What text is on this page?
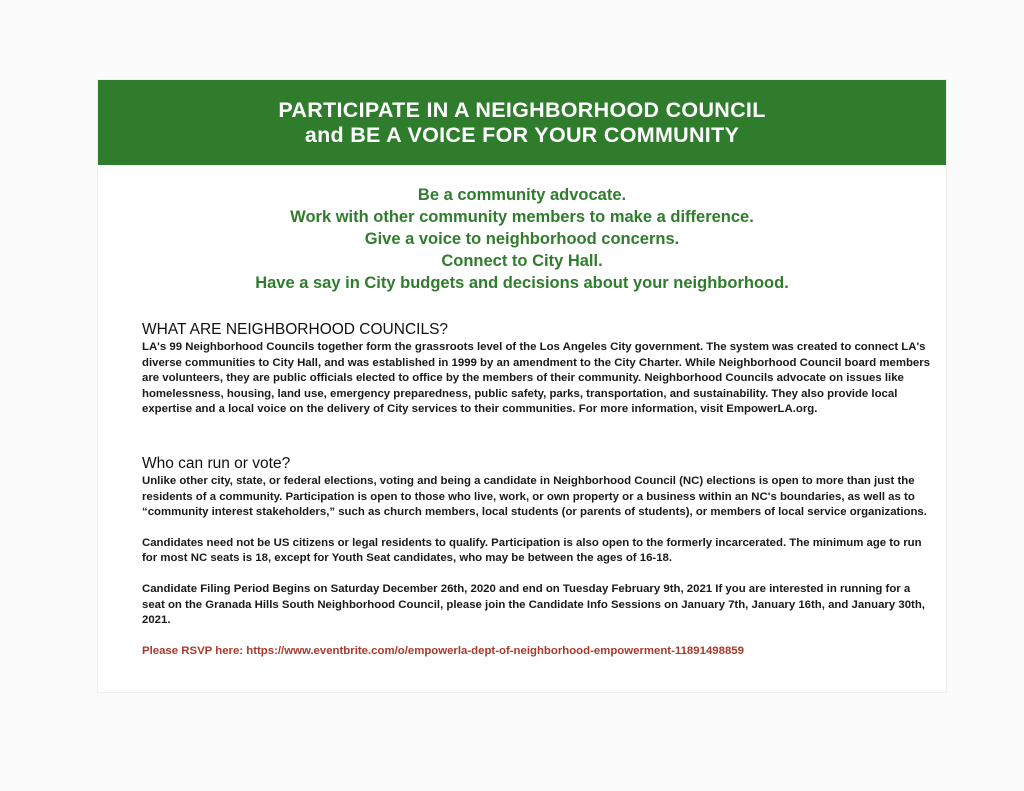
PARTICIPATE IN A NEIGHBORHOOD COUNCIL
and BE A VOICE FOR YOUR COMMUNITY
Be a community advocate.
Work with other community members to make a difference.
Give a voice to neighborhood concerns.
Connect to City Hall.
Have a say in City budgets and decisions about your neighborhood.
WHAT ARE NEIGHBORHOOD COUNCILS?

LA's 99 Neighborhood Councils together form the grassroots level of the Los Angeles City government. The system was created to connect LA's diverse communities to City Hall, and was established in 1999 by an amendment to the City Charter. While Neighborhood Council board members are volunteers, they are public officials elected to office by the members of their community. Neighborhood Councils advocate on issues like homelessness, housing, land use, emergency preparedness, public safety, parks, transportation, and sustainability. They also provide local expertise and a local voice on the delivery of City services to their communities. For more information, visit EmpowerLA.org.

Who can run or vote?

Unlike other city, state, or federal elections, voting and being a candidate in Neighborhood Council (NC) elections is open to more than just the residents of a community. Participation is open to those who live, work, or own property or a business within an NC's boundaries, as well as to “community interest stakeholders,” such as church members, local students (or parents of students), or members of local service organizations.

Candidates need not be US citizens or legal residents to qualify. Participation is also open to the formerly incarcerated. The minimum age to run for most NC seats is 18, except for Youth Seat candidates, who may be between the ages of 16-18.

Candidate Filing Period Begins on Saturday December 26th, 2020 and end on Tuesday February 9th, 2021 If you are interested in running for a seat on the Granada Hills South Neighborhood Council, please join the Candidate Info Sessions on January 7th, January 16th, and January 30th, 2021.

Please RSVP here: https://www.eventbrite.com/o/empowerla-dept-of-neighborhood-empowerment-11891498859
